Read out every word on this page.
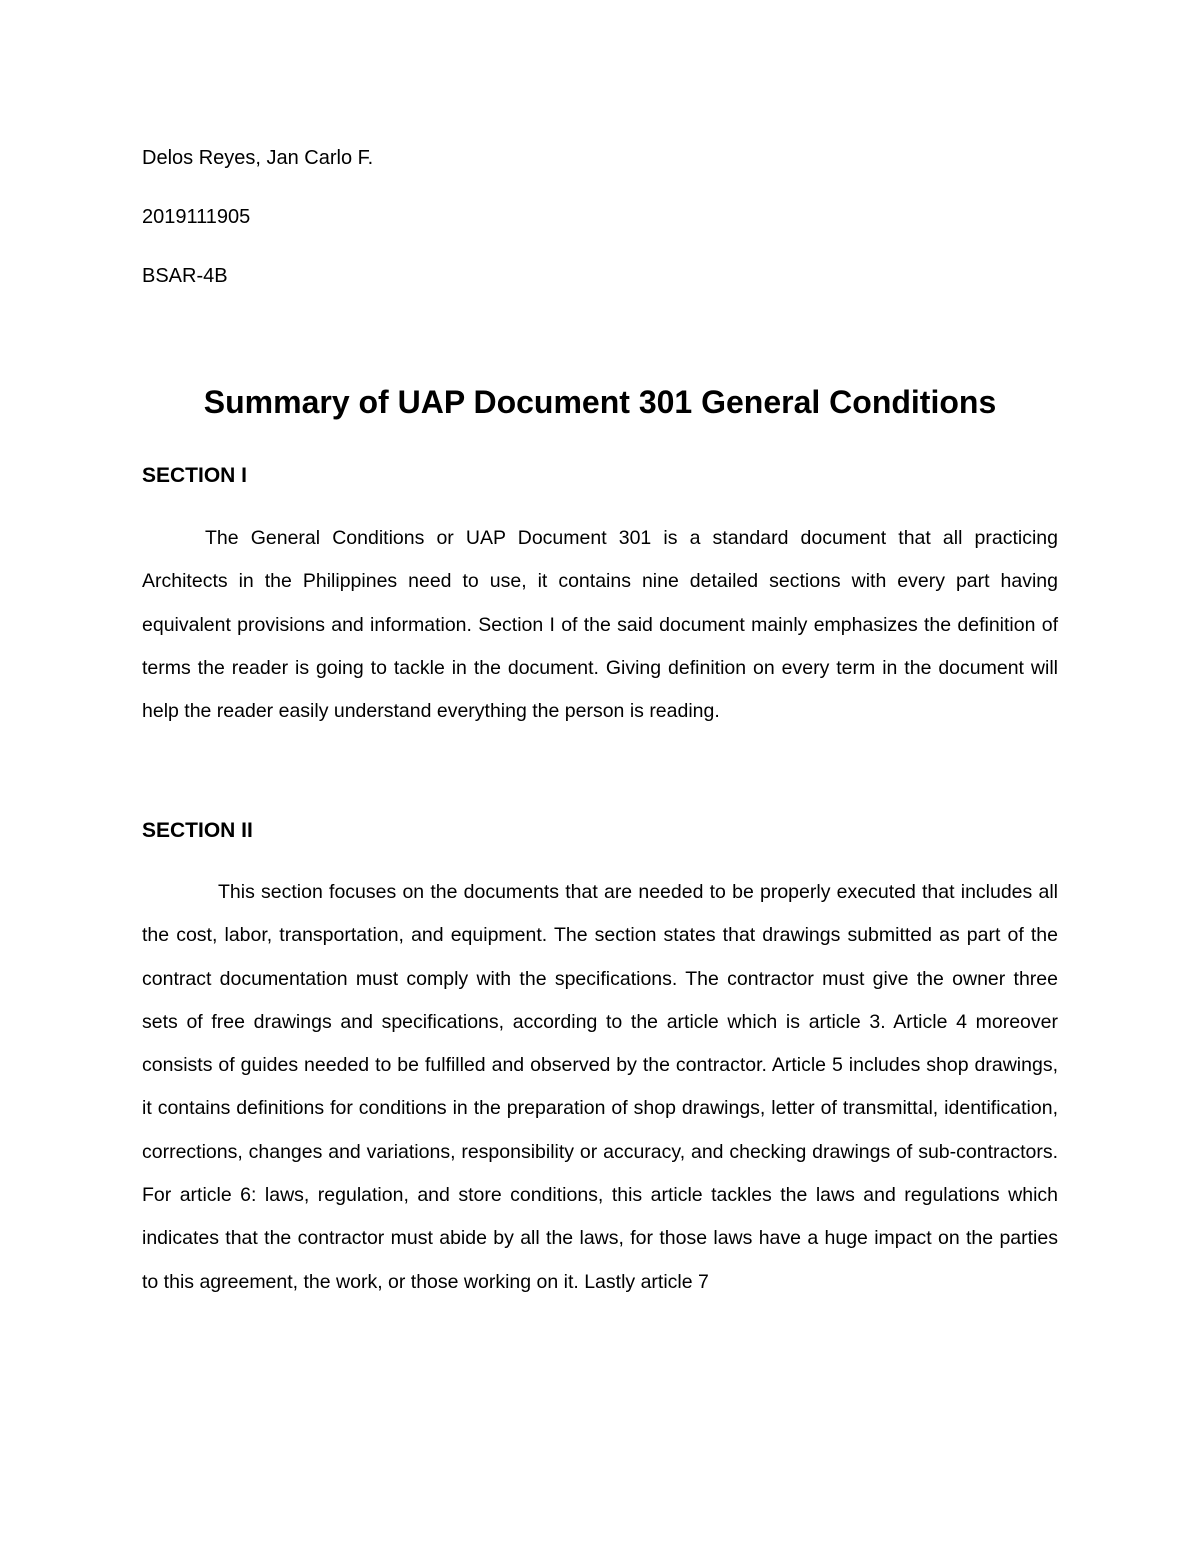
Delos Reyes, Jan Carlo F.

2019111905

BSAR-4B

Summary of UAP Document 301 General Conditions
SECTION I

The General Conditions or UAP Document 301 is a standard document that all practicing Architects in the Philippines need to use, it contains nine detailed sections with every part having equivalent provisions and information. Section I of the said document mainly emphasizes the definition of terms the reader is going to tackle in the document. Giving definition on every term in the document will help the reader easily understand everything the person is reading.

SECTION II

This section focuses on the documents that are needed to be properly executed that includes all the cost, labor, transportation, and equipment. The section states that drawings submitted as part of the contract documentation must comply with the specifications. The contractor must give the owner three sets of free drawings and specifications, according to the article which is article 3. Article 4 moreover consists of guides needed to be fulfilled and observed by the contractor. Article 5 includes shop drawings, it contains definitions for conditions in the preparation of shop drawings, letter of transmittal, identification, corrections, changes and variations, responsibility or accuracy, and checking drawings of sub-contractors. For article 6: laws, regulation, and store conditions, this article tackles the laws and regulations which indicates that the contractor must abide by all the laws, for those laws have a huge impact on the parties to this agreement, the work, or those working on it. Lastly article 7
